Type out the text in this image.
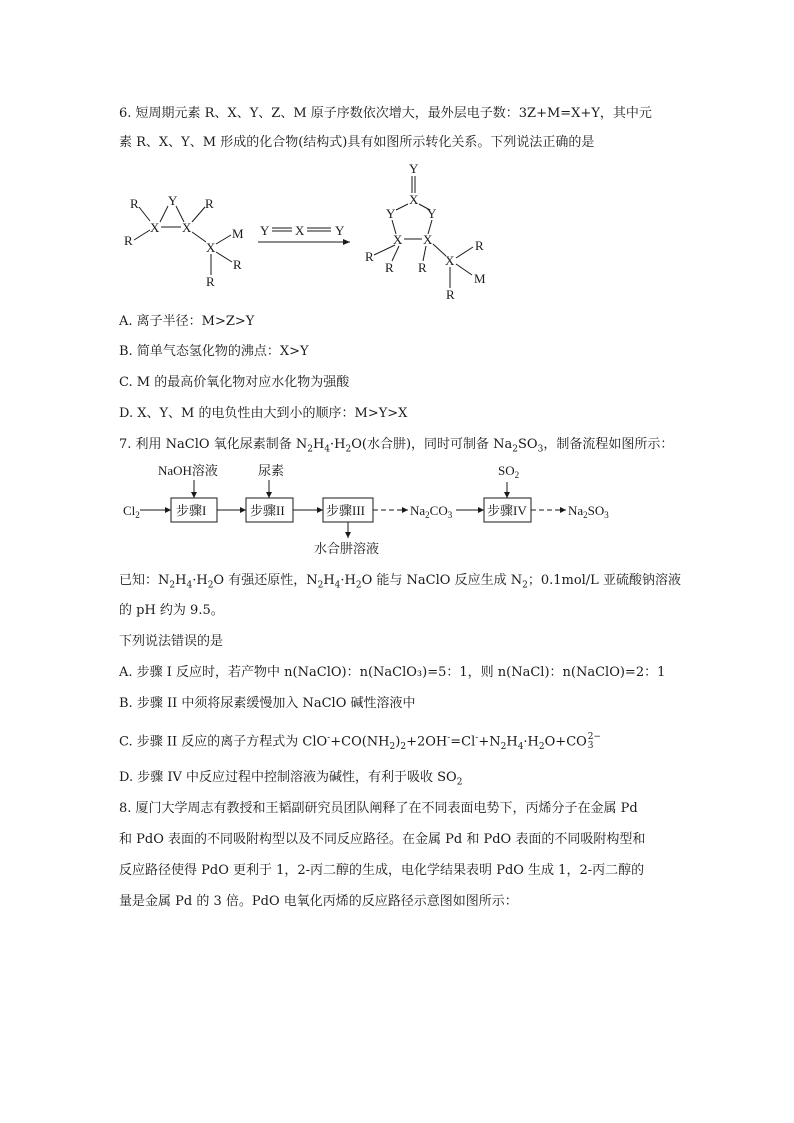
6. 短周期元素 R、X、Y、Z、M 原子序数依次增大，最外层电子数：3Z+M=X+Y，其中元
素 R、X、Y、M 形成的化合物(结构式)具有如图所示转化关系。下列说法正确的是
R
R
X
Y
X
R
X
M
R
R
Y X Y
Y
X
Y Y
X X
R
R R X
R
M
R
A. 离子半径：M>Z>Y
B. 简单气态氢化物的沸点：X>Y
C. M 的最高价氧化物对应水化物为强酸
D. X、Y、M 的电负性由大到小的顺序：M>Y>X
7. 利用 NaClO 氧化尿素制备 $N_2H_4\cdot H_2O$(水合肼)，同时可制备 $Na_2SO_3$，制备流程如图所示：
NaOH溶液	尿素	$SO_2$
$Cl_2$	步骤I	步骤II	步骤III	步骤IV
$Na_2CO_3$	$Na_2SO_3$
水合肼溶液
已知：$N_2H_4\cdot H_2O$ 有强还原性，$N_2H_4\cdot H_2O$ 能与 NaClO 反应生成 $N_2$；0.1mol/L 亚硫酸钠溶液
的 pH 约为 9.5。
下列说法错误的是
A. 步骤 I 反应时，若产物中 n(NaClO)：n(NaClO₃)=5：1，则 n(NaCl)：n(NaClO)=2：1
B. 步骤 II 中须将尿素缓慢加入 NaClO 碱性溶液中
C. 步骤 II 反应的离子方程式为 $ClO^-+CO(NH_2)_2+2OH^-=Cl^-+N_2H_4\cdot H_2O+CO$ 2−
3
D. 步骤 IV 中反应过程中控制溶液为碱性，有利于吸收 $SO_2$
8. 厦门大学周志有教授和王韬副研究员团队阐释了在不同表面电势下，丙烯分子在金属 Pd
和 PdO 表面的不同吸附构型以及不同反应路径。在金属 Pd 和 PdO 表面的不同吸附构型和
反应路径使得 PdO 更利于 1，2-丙二醇的生成，电化学结果表明 PdO 生成 1，2-丙二醇的
量是金属 Pd 的 3 倍。PdO 电氧化丙烯的反应路径示意图如图所示：
